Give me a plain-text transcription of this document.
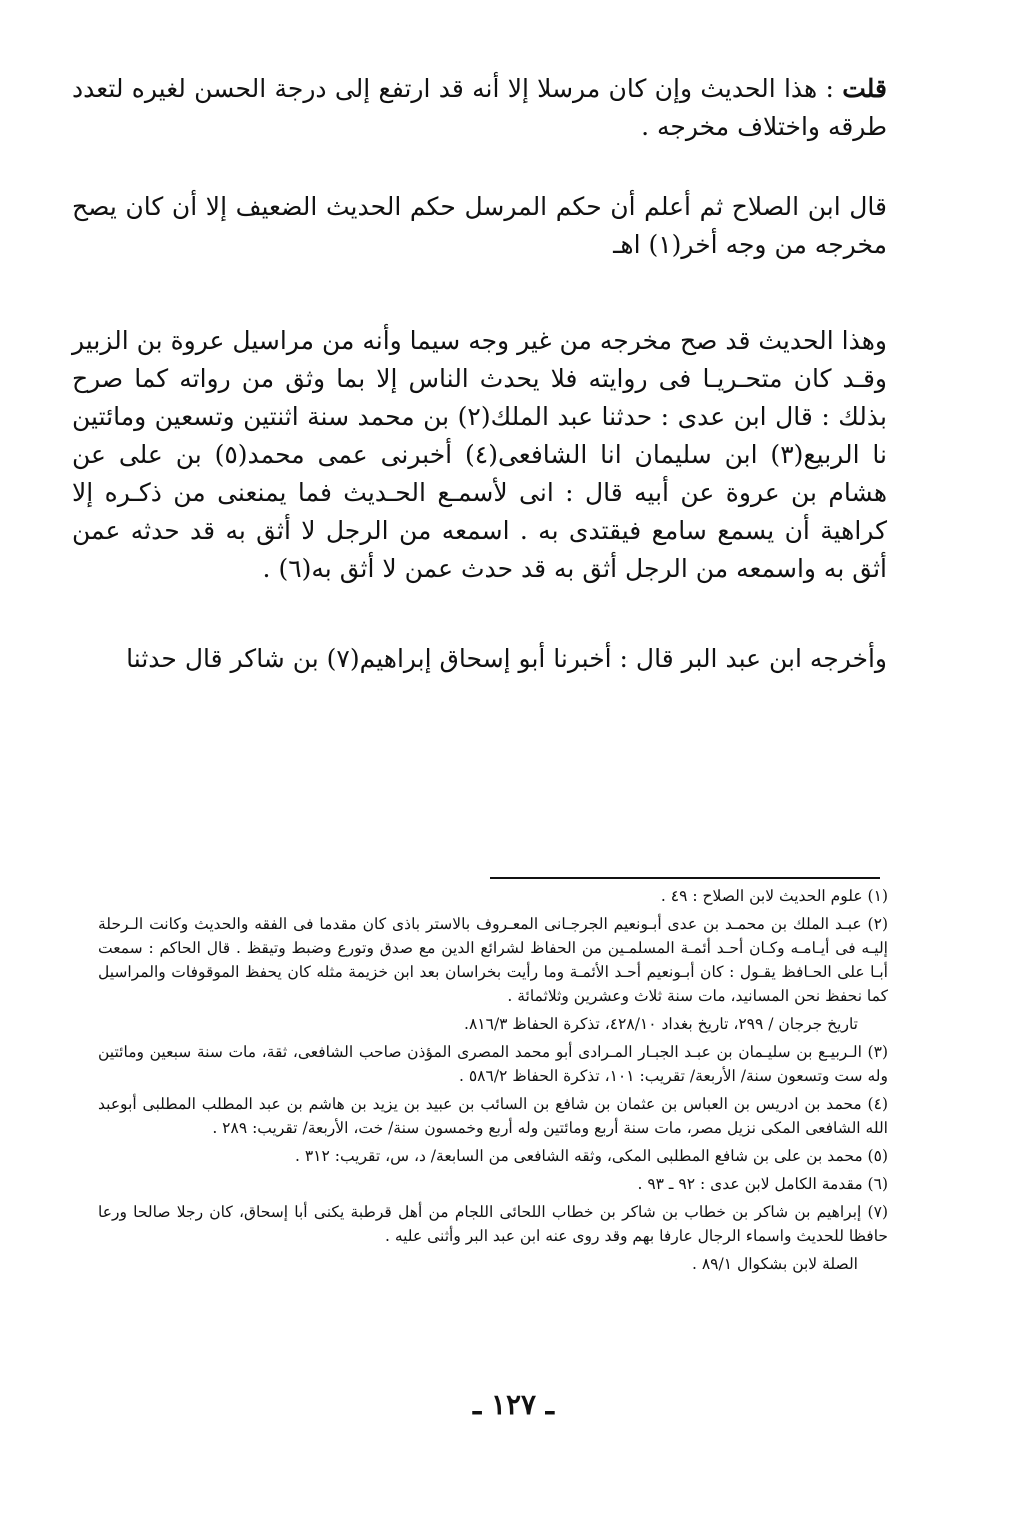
قلت : هذا الحديث وإن كان مرسلا إلا أنه قد ارتفع إلى درجة الحسن لغيره لتعدد طرقه واختلاف مخرجه .

قال ابن الصلاح ثم أعلم أن حكم المرسل حكم الحديث الضعيف إلا أن كان يصح مخرجه من وجه أخر(١) اهـ

وهذا الحديث قد صح مخرجه من غير وجه سيما وأنه من مراسيل عروة بن الزبير وقـد كان متحـريـا فى روايته فلا يحدث الناس إلا بما وثق من رواته كما صرح بذلك : قال ابن عدى : حدثنا عبد الملك(٢) بن محمد سنة اثنتين وتسعين ومائتين نا الربيع(٣) ابن سليمان انا الشافعى(٤) أخبرنى عمى محمد(٥) بن على عن هشام بن عروة عن أبيه قال : انى لأسمـع الحـديث فما يمنعنى من ذكـره إلا كراهية أن يسمع سامع فيقتدى به . اسمعه من الرجل لا أثق به قد حدثه عمن أثق به واسمعه من الرجل أثق به قد حدث عمن لا أثق به(٦) .

وأخرجه ابن عبد البر قال : أخبرنا أبو إسحاق إبراهيم(٧) بن شاكر قال حدثنا

(١) علوم الحديث لابن الصلاح : ٤٩ .

(٢) عبـد الملك بن محمـد بن عدى أبـونعيم الجرجـانى المعـروف بالاستر باذى كان مقدما فى الفقه والحديث وكانت الـرحلة إليـه فى أيـامـه وكـان أحـد أئمـة المسلمـين من الحفاظ لشرائع الدين مع صدق وتورع وضبط وتيقظ . قال الحاكم : سمعت أبـا على الحـافظ يقـول : كان أبـونعيم أحـد الأئمـة وما رأيت بخراسان بعد ابن خزيمة مثله كان يحفظ الموقوفات والمراسيل كما نحفظ نحن المسانيد، مات سنة ثلاث وعشرين وثلاثمائة .

تاريخ جرجان / ٢٩٩، تاريخ بغداد ٤٢٨/١٠، تذكرة الحفاظ ٨١٦/٣.

(٣) الـربيـع بن سليـمان بن عبـد الجبـار المـرادى أبو محمد المصرى المؤذن صاحب الشافعى، ثقة، مات سنة سبعين ومائتين وله ست وتسعون سنة/ الأربعة/ تقريب: ١٠١، تذكرة الحفاظ ٥٨٦/٢ .

(٤) محمد بن ادريس بن العباس بن عثمان بن شافع بن السائب بن عبيد بن يزيد بن هاشم بن عبد المطلب المطلبى أبوعبد الله الشافعى المكى نزيل مصر، مات سنة أربع ومائتين وله أربع وخمسون سنة/ خت، الأربعة/ تقريب: ٢٨٩ .

(٥) محمد بن على بن شافع المطلبى المكى، وثقه الشافعى من السابعة/ د، س، تقريب: ٣١٢ .

(٦) مقدمة الكامل لابن عدى : ٩٢ ـ ٩٣ .

(٧) إبراهيم بن شاكر بن خطاب بن شاكر بن خطاب اللحائى اللجام من أهل قرطبة يكنى أبا إسحاق، كان رجلا صالحا ورعا حافظا للحديث واسماء الرجال عارفا بهم وقد روى عنه ابن عبد البر وأثنى عليه .

الصلة لابن بشكوال ٨٩/١ .

ـ ١٢٧ ـ
